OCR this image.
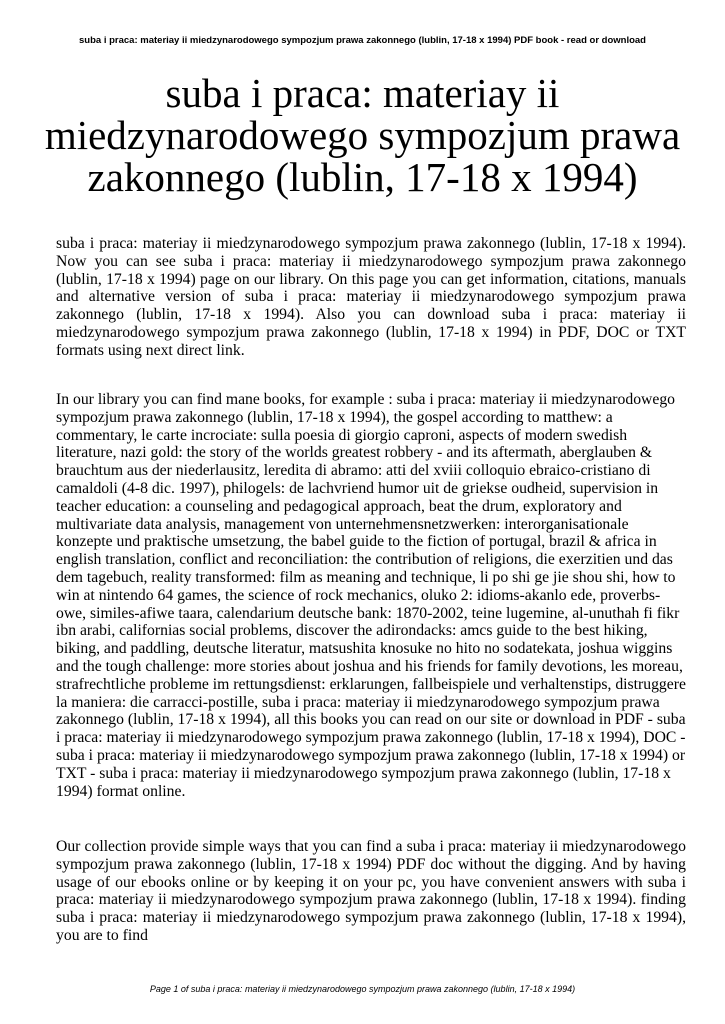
suba i praca: materiay ii miedzynarodowego sympozjum prawa zakonnego (lublin, 17-18 x 1994) PDF book - read or download
suba i praca: materiay ii miedzynarodowego sympozjum prawa zakonnego (lublin, 17-18 x 1994)

suba i praca: materiay ii miedzynarodowego sympozjum prawa zakonnego (lublin, 17-18 x 1994). Now you can see suba i praca: materiay ii miedzynarodowego sympozjum prawa zakonnego (lublin, 17-18 x 1994) page on our library. On this page you can get information, citations, manuals and alternative version of suba i praca: materiay ii miedzynarodowego sympozjum prawa zakonnego (lublin, 17-18 x 1994). Also you can download suba i praca: materiay ii miedzynarodowego sympozjum prawa zakonnego (lublin, 17-18 x 1994) in PDF, DOC or TXT formats using next direct link.

In our library you can find mane books, for example : suba i praca: materiay ii miedzynarodowego sympozjum prawa zakonnego (lublin, 17-18 x 1994), the gospel according to matthew: a commentary, le carte incrociate: sulla poesia di giorgio caproni, aspects of modern swedish literature, nazi gold: the story of the worlds greatest robbery - and its aftermath, aberglauben & brauchtum aus der niederlausitz, leredita di abramo: atti del xviii colloquio ebraico-cristiano di camaldoli (4-8 dic. 1997), philogels: de lachvriend humor uit de griekse oudheid, supervision in teacher education: a counseling and pedagogical approach, beat the drum, exploratory and multivariate data analysis, management von unternehmensnetzwerken: interorganisationale konzepte und praktische umsetzung, the babel guide to the fiction of portugal, brazil & africa in english translation, conflict and reconciliation: the contribution of religions, die exerzitien und das dem tagebuch, reality transformed: film as meaning and technique, li po shi ge jie shou shi, how to win at nintendo 64 games, the science of rock mechanics, oluko 2: idioms-akanlo ede, proverbs-owe, similes-afiwe taara, calendarium deutsche bank: 1870-2002, teine lugemine, al-unuthah fi fikr ibn arabi, californias social problems, discover the adirondacks: amcs guide to the best hiking, biking, and paddling, deutsche literatur, matsushita knosuke no hito no sodatekata, joshua wiggins and the tough challenge: more stories about joshua and his friends for family devotions, les moreau, strafrechtliche probleme im rettungsdienst: erklarungen, fallbeispiele und verhaltenstips, distruggere la maniera: die carracci-postille, suba i praca: materiay ii miedzynarodowego sympozjum prawa zakonnego (lublin, 17-18 x 1994), all this books you can read on our site or download in PDF - suba i praca: materiay ii miedzynarodowego sympozjum prawa zakonnego (lublin, 17-18 x 1994), DOC - suba i praca: materiay ii miedzynarodowego sympozjum prawa zakonnego (lublin, 17-18 x 1994) or TXT - suba i praca: materiay ii miedzynarodowego sympozjum prawa zakonnego (lublin, 17-18 x 1994) format online.

Our collection provide simple ways that you can find a suba i praca: materiay ii miedzynarodowego sympozjum prawa zakonnego (lublin, 17-18 x 1994) PDF doc without the digging. And by having usage of our ebooks online or by keeping it on your pc, you have convenient answers with suba i praca: materiay ii miedzynarodowego sympozjum prawa zakonnego (lublin, 17-18 x 1994). finding suba i praca: materiay ii miedzynarodowego sympozjum prawa zakonnego (lublin, 17-18 x 1994), you are to find

Page 1 of suba i praca: materiay ii miedzynarodowego sympozjum prawa zakonnego (lublin, 17-18 x 1994)
